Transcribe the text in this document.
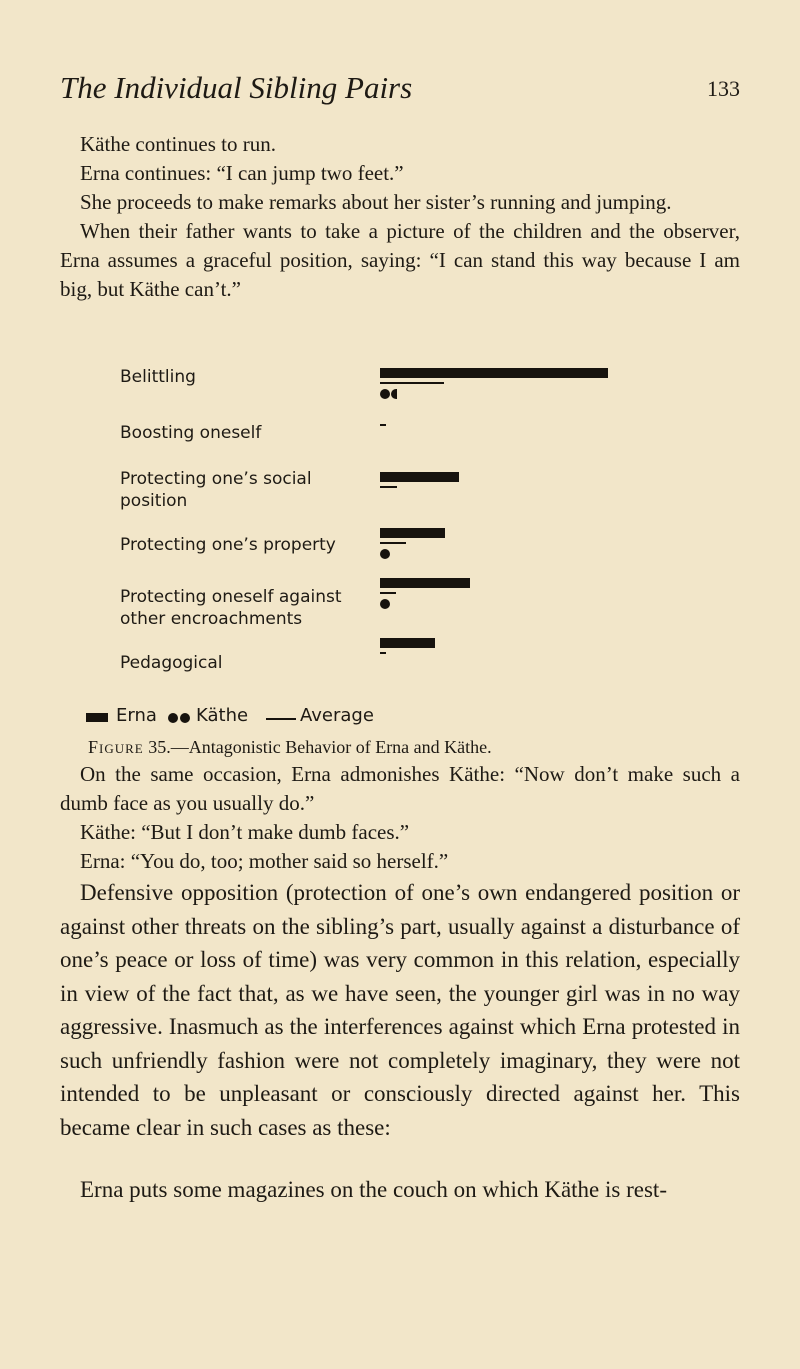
The Individual Sibling Pairs	133

Käthe continues to run.

Erna continues: “I can jump two feet.”

She proceeds to make remarks about her sister’s running and jumping.

When their father wants to take a picture of the children and the observer, Erna assumes a graceful position, saying: “I can stand this way because I am big, but Käthe can’t.”

Belittling
Boosting oneself
Protecting one’s social
position
Protecting one’s property
Protecting oneself against
other encroachments
Pedagogical
Erna Käthe	Average
Figure 35.—Antagonistic Behavior of Erna and Käthe.

On the same occasion, Erna admonishes Käthe: “Now don’t make such a dumb face as you usually do.”

Käthe: “But I don’t make dumb faces.”

Erna: “You do, too; mother said so herself.”

Defensive opposition (protection of one’s own endangered position or against other threats on the sibling’s part, usually against a disturbance of one’s peace or loss of time) was very common in this relation, especially in view of the fact that, as we have seen, the younger girl was in no way aggressive. Inasmuch as the interferences against which Erna protested in such unfriendly fashion were not completely imaginary, they were not intended to be unpleasant or consciously directed against her. This became clear in such cases as these:

Erna puts some magazines on the couch on which Käthe is rest-
